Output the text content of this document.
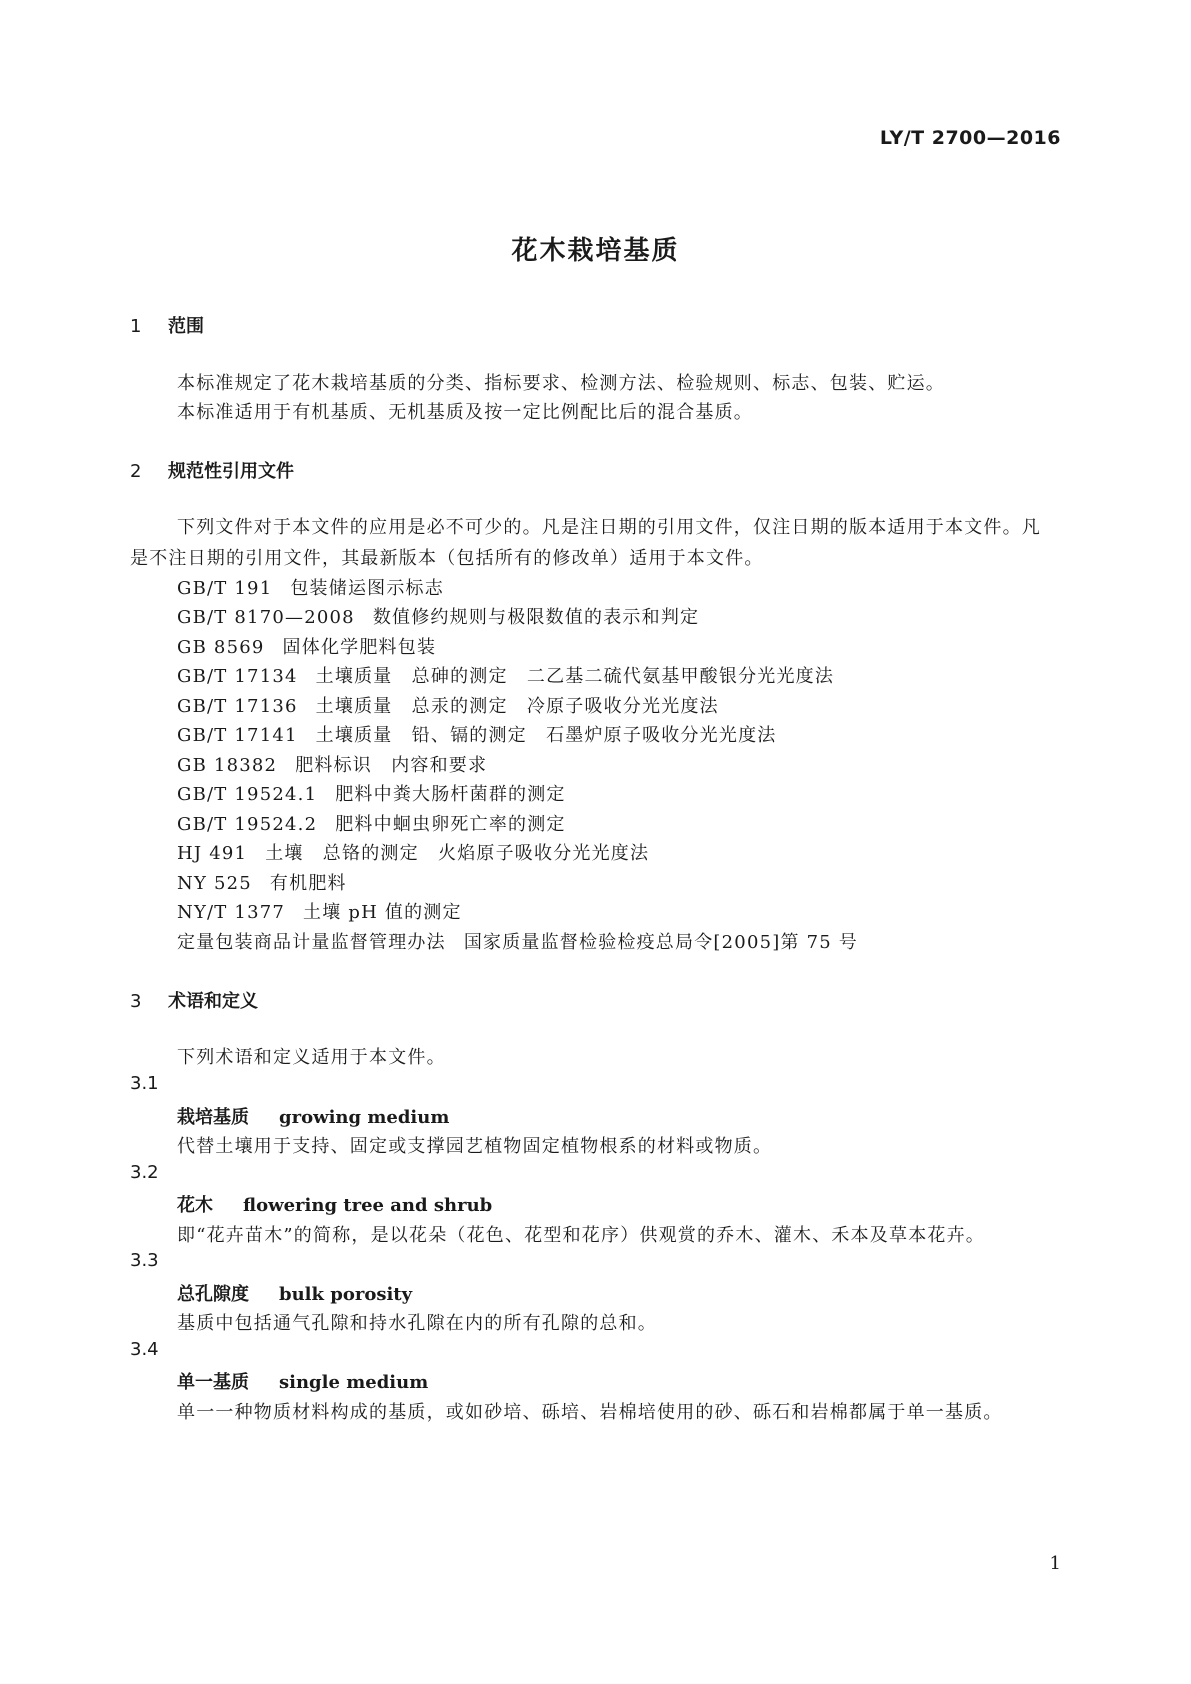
LY/T 2700—2016
花木栽培基质
1 范围
本标准规定了花木栽培基质的分类、指标要求、检测方法、检验规则、标志、包装、贮运。
本标准适用于有机基质、无机基质及按一定比例配比后的混合基质。
2 规范性引用文件
下列文件对于本文件的应用是必不可少的。凡是注日期的引用文件，仅注日期的版本适用于本文件。凡是不注日期的引用文件，其最新版本（包括所有的修改单）适用于本文件。
GB/T 191 包装储运图示标志
GB/T 8170—2008 数值修约规则与极限数值的表示和判定
GB 8569 固体化学肥料包装
GB/T 17134 土壤质量　总砷的测定　二乙基二硫代氨基甲酸银分光光度法
GB/T 17136 土壤质量　总汞的测定　冷原子吸收分光光度法
GB/T 17141 土壤质量　铅、镉的测定　石墨炉原子吸收分光光度法
GB 18382 肥料标识　内容和要求
GB/T 19524.1 肥料中粪大肠杆菌群的测定
GB/T 19524.2 肥料中蛔虫卵死亡率的测定
HJ 491 土壤　总铬的测定　火焰原子吸收分光光度法
NY 525 有机肥料
NY/T 1377 土壤 pH 值的测定
定量包装商品计量监督管理办法 国家质量监督检验检疫总局令[2005]第 75 号
3 术语和定义
下列术语和定义适用于本文件。
3.1
栽培基质 growing medium
代替土壤用于支持、固定或支撑园艺植物固定植物根系的材料或物质。
3.2
花木 flowering tree and shrub
即“花卉苗木”的简称，是以花朵（花色、花型和花序）供观赏的乔木、灌木、禾本及草本花卉。
3.3
总孔隙度 bulk porosity
基质中包括通气孔隙和持水孔隙在内的所有孔隙的总和。
3.4
单一基质 single medium
单一一种物质材料构成的基质，或如砂培、砾培、岩棉培使用的砂、砾石和岩棉都属于单一基质。
1
